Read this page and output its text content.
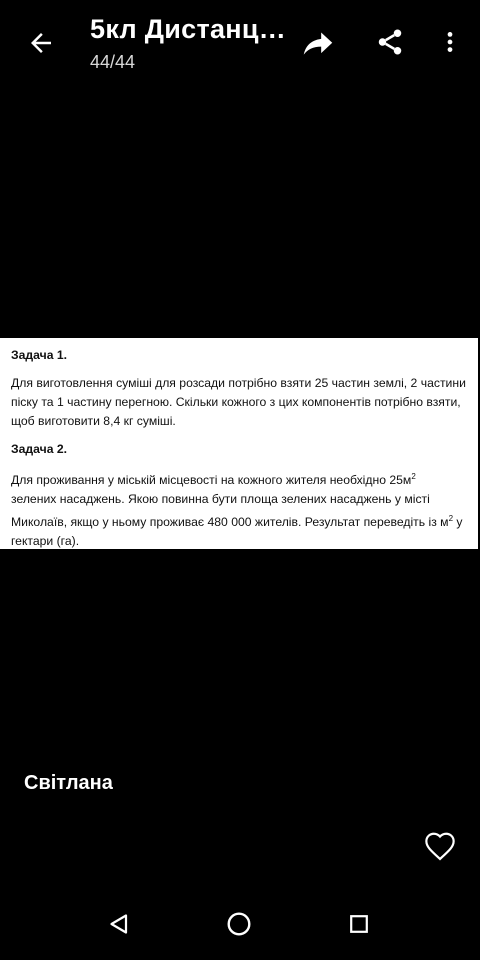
5кл Дистанц…
44/44
Задача 1.
Для виготовлення суміші для розсади потрібно взяти 25 частин землі, 2 частини
піску та 1 частину перегною. Скільки кожного з цих компонентів потрібно взяти,
щоб виготовити 8,4 кг суміші.
Задача 2.
Для проживання у міській місцевості на кожного жителя необхідно $25м^2$
зелених насаджень. Якою повинна бути площа зелених насаджень у місті
Миколаїв, якщо у ньому проживає 480 000 жителів. Результат переведіть із $м^2$ у
гектари (га).
Світлана
